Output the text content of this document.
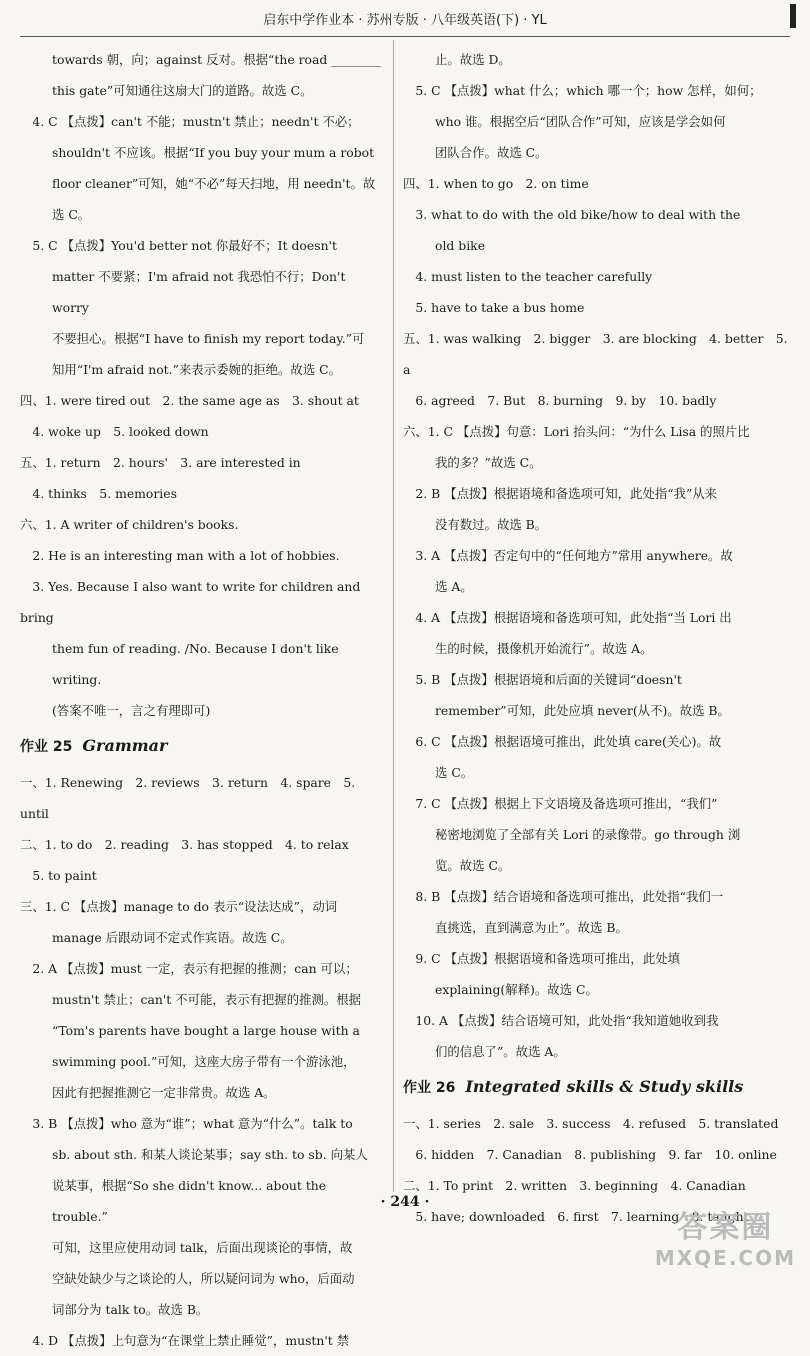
启东中学作业本 · 苏州专版 · 八年级英语(下) · YL

towards 朝，向；against 反对。根据“the road ________

this gate”可知通往这扇大门的道路。故选 C。

　4. C 【点拨】can't 不能；mustn't 禁止；needn't 不必；

shouldn't 不应该。根据“If you buy your mum a robot

floor cleaner”可知，她“不必”每天扫地，用 needn't。故

选 C。

　5. C 【点拨】You'd better not 你最好不；It doesn't

matter 不要紧；I'm afraid not 我恐怕不行；Don't worry

不要担心。根据“I have to finish my report today.”可

知用“I'm afraid not.”来表示委婉的拒绝。故选 C。

四、1. were tired out　2. the same age as　3. shout at

　4. woke up　5. looked down

五、1. return　2. hours'　3. are interested in

　4. thinks　5. memories

六、1. A writer of children's books.

　2. He is an interesting man with a lot of hobbies.

　3. Yes. Because I also want to write for children and bring

them fun of reading. /No. Because I don't like writing.

(答案不唯一，言之有理即可)

作业 25 Grammar

一、1. Renewing　2. reviews　3. return　4. spare　5. until

二、1. to do　2. reading　3. has stopped　4. to relax

　5. to paint

三、1. C 【点拨】manage to do 表示“设法达成”，动词

manage 后跟动词不定式作宾语。故选 C。

　2. A 【点拨】must 一定，表示有把握的推测；can 可以；

mustn't 禁止；can't 不可能，表示有把握的推测。根据

“Tom's parents have bought a large house with a

swimming pool.”可知，这座大房子带有一个游泳池，

因此有把握推测它一定非常贵。故选 A。

　3. B 【点拨】who 意为“谁”；what 意为“什么”。talk to

sb. about sth. 和某人谈论某事；say sth. to sb. 向某人

说某事，根据“So she didn't know... about the trouble.”

可知，这里应使用动词 talk，后面出现谈论的事情，故

空缺处缺少与之谈论的人，所以疑问词为 who，后面动

词部分为 talk to。故选 B。

　4. D 【点拨】上句意为“在课堂上禁止睡觉”，mustn't 禁

止。故选 D。

　5. C 【点拨】what 什么；which 哪一个；how 怎样，如何；

who 谁。根据空后“团队合作”可知，应该是学会如何

团队合作。故选 C。

四、1. when to go　2. on time

　3. what to do with the old bike/how to deal with the

old bike

　4. must listen to the teacher carefully

　5. have to take a bus home

五、1. was walking　2. bigger　3. are blocking　4. better　5. a

　6. agreed　7. But　8. burning　9. by　10. badly

六、1. C 【点拨】句意：Lori 抬头问：“为什么 Lisa 的照片比

我的多？”故选 C。

　2. B 【点拨】根据语境和备选项可知，此处指“我”从来

没有数过。故选 B。

　3. A 【点拨】否定句中的“任何地方”常用 anywhere。故

选 A。

　4. A 【点拨】根据语境和备选项可知，此处指“当 Lori 出

生的时候，摄像机开始流行”。故选 A。

　5. B 【点拨】根据语境和后面的关键词“doesn't

remember”可知，此处应填 never(从不)。故选 B。

　6. C 【点拨】根据语境可推出，此处填 care(关心)。故

选 C。

　7. C 【点拨】根据上下文语境及备选项可推出，“我们”

秘密地浏览了全部有关 Lori 的录像带。go through 浏

览。故选 C。

　8. B 【点拨】结合语境和备选项可推出，此处指“我们一

直挑选，直到满意为止”。故选 B。

　9. C 【点拨】根据语境和备选项可推出，此处填

explaining(解释)。故选 C。

　10. A 【点拨】结合语境可知，此处指“我知道她收到我

们的信息了”。故选 A。

作业 26 Integrated skills & Study skills

一、1. series　2. sale　3. success　4. refused　5. translated

　6. hidden　7. Canadian　8. publishing　9. far　10. online

二、1. To print　2. written　3. beginning　4. Canadian

　5. have; downloaded　6. first　7. learning　8. taught

· 244 ·
答案圈
MXQE.COM
